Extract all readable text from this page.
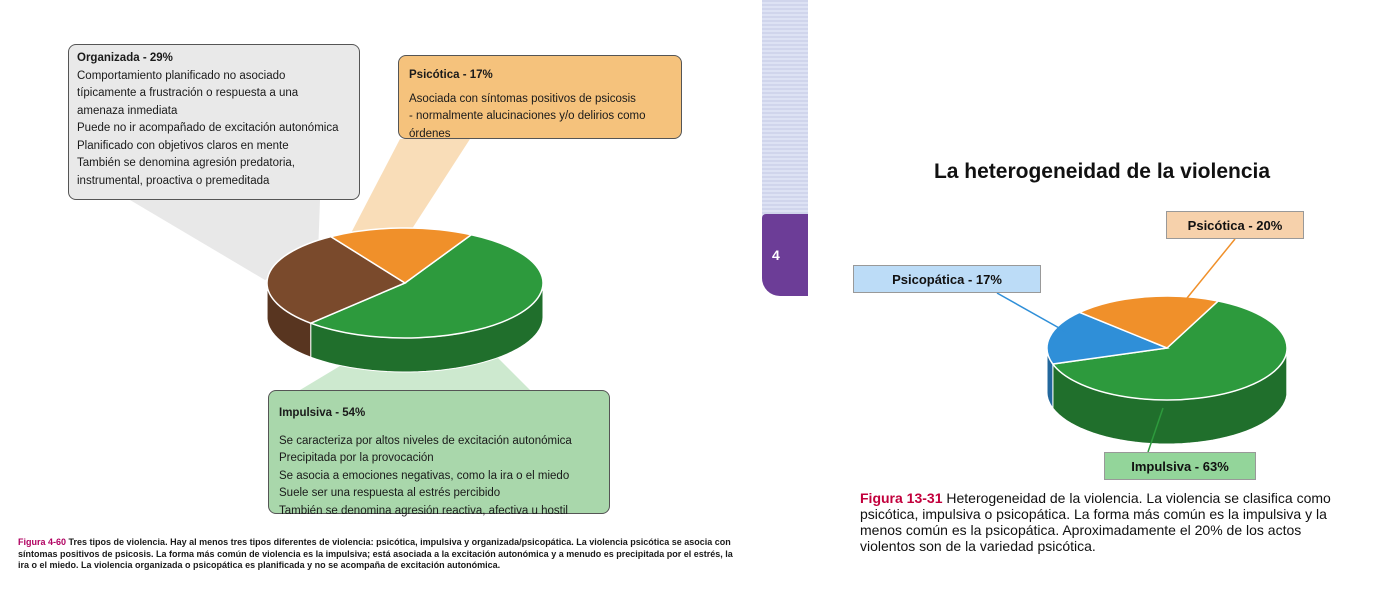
Organizada - 29%

Comportamiento planificado no asociado

típicamente a frustración o respuesta a una

amenaza inmediata

Puede no ir acompañado de excitación autonómica

Planificado con objetivos claros en mente

También se denomina agresión predatoria,

instrumental, proactiva o premeditada

Psicótica - 17%

Asociada con síntomas positivos de psicosis

- normalmente alucinaciones y/o delirios como

órdenes

Impulsiva - 54%

Se caracteriza por altos niveles de excitación autonómica

Precipitada por la provocación

Se asocia a emociones negativas, como la ira o el miedo

Suele ser una respuesta al estrés percibido

También se denomina agresión reactiva, afectiva u hostil

Figura 4-60 Tres tipos de violencia. Hay al menos tres tipos diferentes de violencia: psicótica, impulsiva y organizada/psicopática. La violencia psicótica se asocia con síntomas positivos de psicosis. La forma más común de violencia es la impulsiva; está asociada a la excitación autonómica y a menudo es precipitada por el estrés, la ira o el miedo. La violencia organizada o psicopática es planificada y no se acompaña de excitación autonómica.
4
La heterogeneidad de la violencia
Psicótica - 20%
Psicopática - 17%
Impulsiva - 63%
Figura 13-31 Heterogeneidad de la violencia. La violencia se clasifica como psicótica, impulsiva o psicopática. La forma más común es la impulsiva y la menos común es la psicopática. Aproximadamente el 20% de los actos violentos son de la variedad psicótica.
